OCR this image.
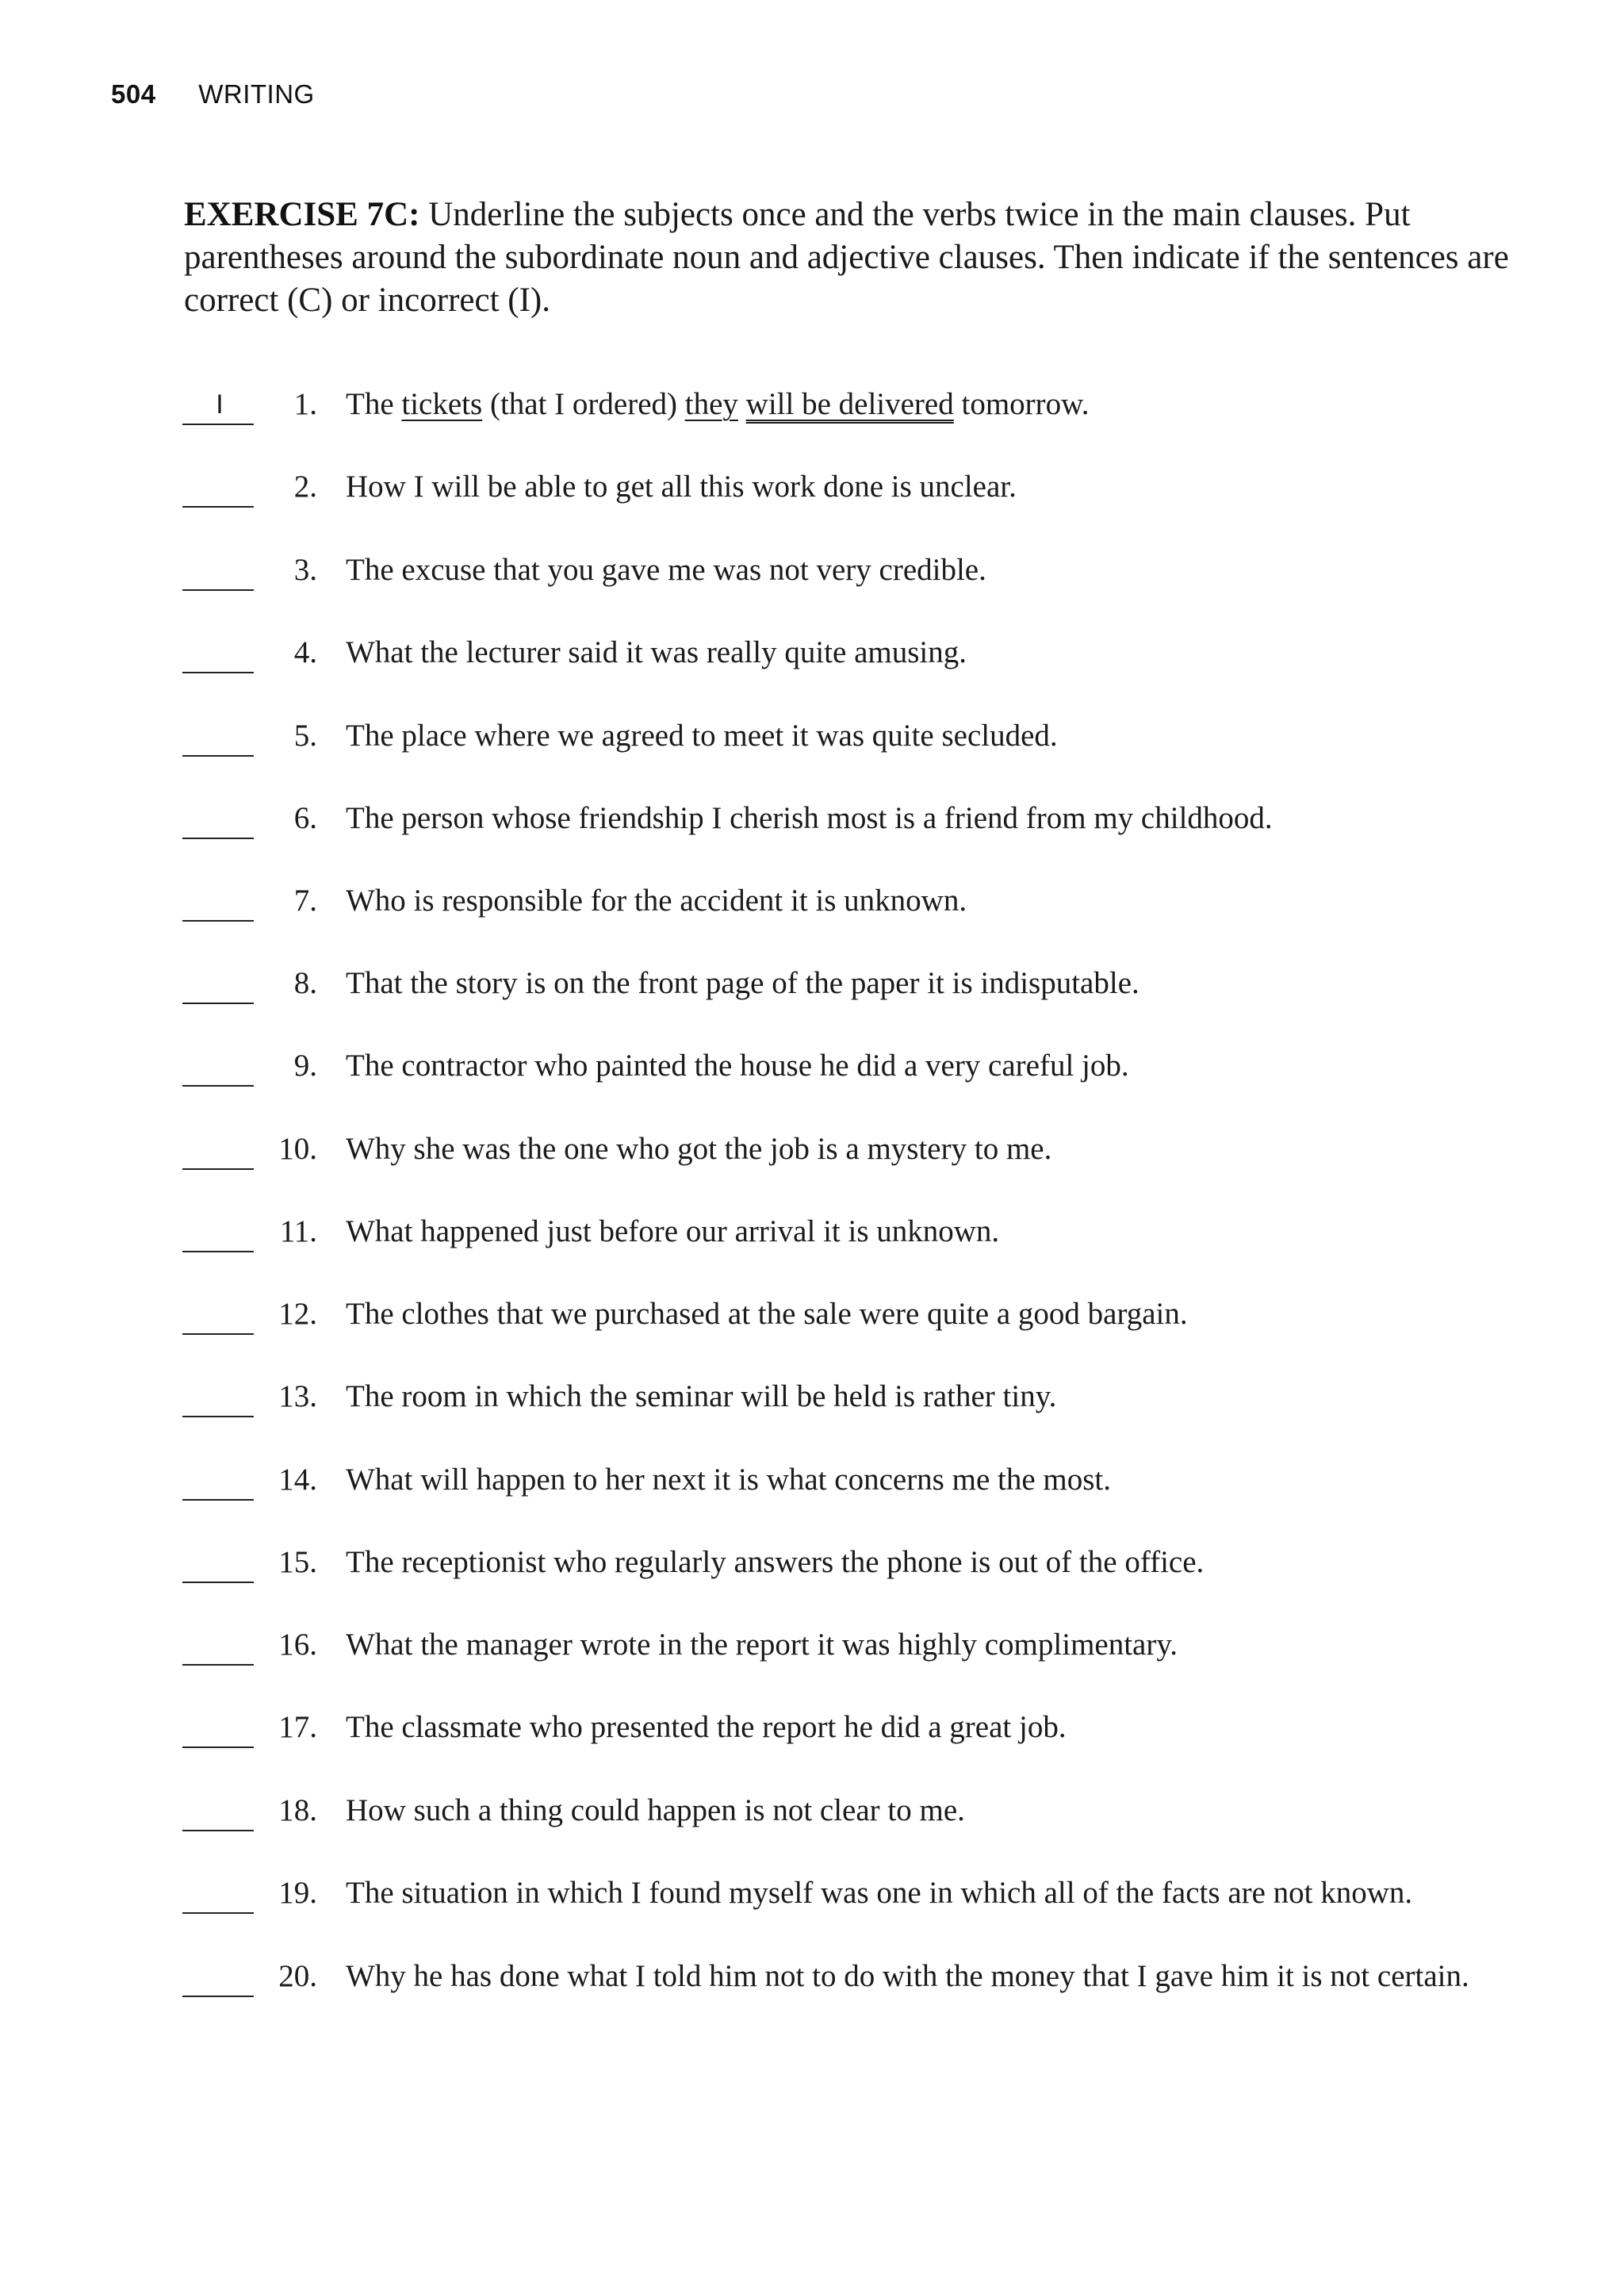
504 WRITING
EXERCISE 7C: Underline the subjects once and the verbs twice in the main clauses. Put parentheses around the subordinate noun and adjective clauses. Then indicate if the sentences are correct (C) or incorrect (I).
I	1. The tickets (that I ordered) they will be delivered tomorrow.
2. How I will be able to get all this work done is unclear.
3. The excuse that you gave me was not very credible.
4. What the lecturer said it was really quite amusing.
5. The place where we agreed to meet it was quite secluded.
6. The person whose friendship I cherish most is a friend from my childhood.
7. Who is responsible for the accident it is unknown.
8. That the story is on the front page of the paper it is indisputable.
9. The contractor who painted the house he did a very careful job.
10. Why she was the one who got the job is a mystery to me.
11. What happened just before our arrival it is unknown.
12. The clothes that we purchased at the sale were quite a good bargain.
13. The room in which the seminar will be held is rather tiny.
14. What will happen to her next it is what concerns me the most.
15. The receptionist who regularly answers the phone is out of the office.
16. What the manager wrote in the report it was highly complimentary.
17. The classmate who presented the report he did a great job.
18. How such a thing could happen is not clear to me.
19. The situation in which I found myself was one in which all of the facts are not known.
20. Why he has done what I told him not to do with the money that I gave him it is not certain.
